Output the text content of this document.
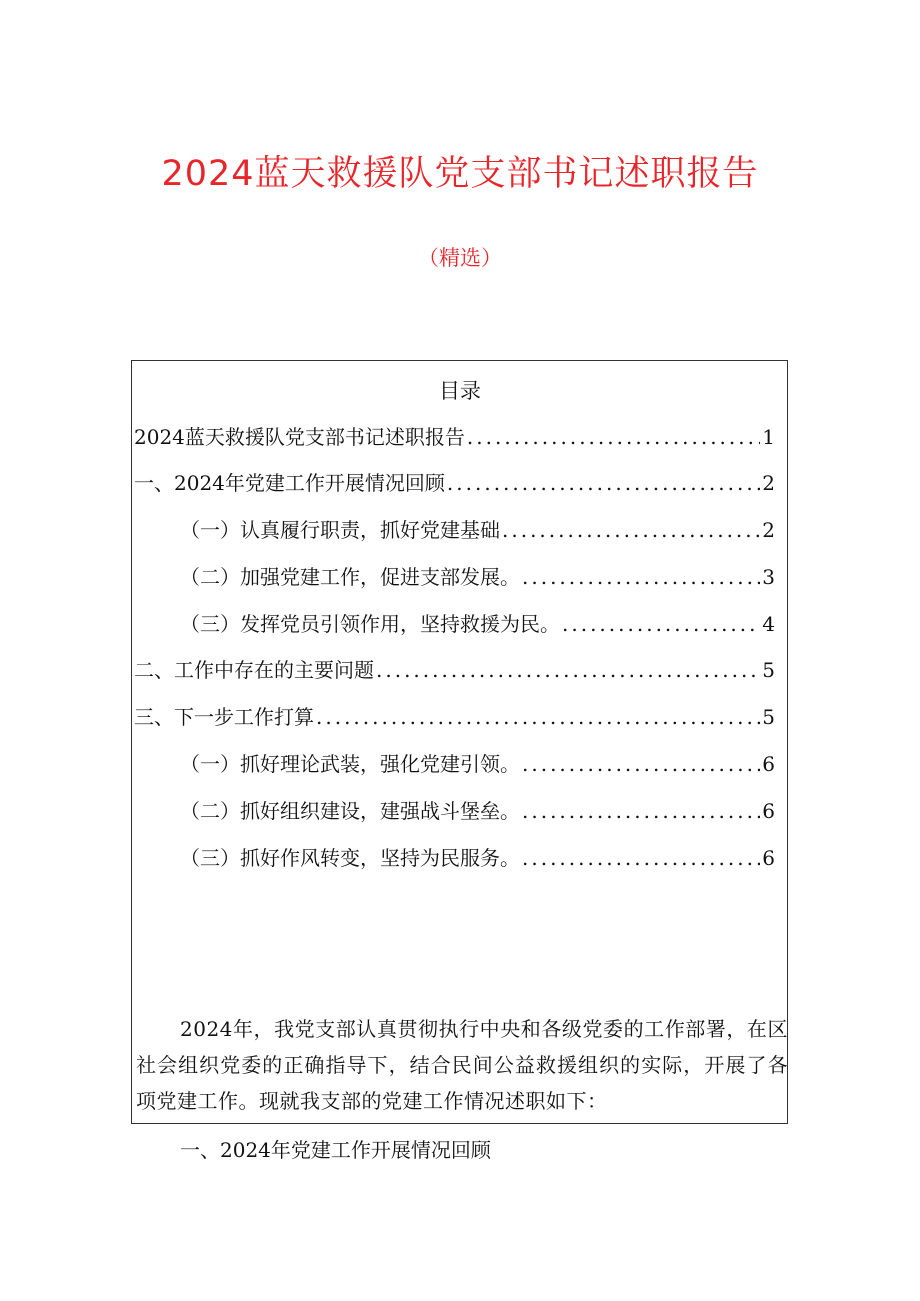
2024蓝天救援队党支部书记述职报告
（精选）
目录
2024蓝天救援队党支部书记述职报告 .....	1
一、2024年党建工作开展情况回顾 .....	2
（一）认真履行职责，抓好党建基础 .....	2
（二）加强党建工作，促进支部发展。 .....	3
（三）发挥党员引领作用，坚持救援为民。 .....	4
二、工作中存在的主要问题 .....	5
三、下一步工作打算 .....	5
（一）抓好理论武装，强化党建引领。 .....	6
（二）抓好组织建设，建强战斗堡垒。 .....	6
（三）抓好作风转变，坚持为民服务。 .....	6

2024年，我党支部认真贯彻执行中央和各级党委的工作部署，在区社会组织党委的正确指导下，结合民间公益救援组织的实际，开展了各项党建工作。现就我支部的党建工作情况述职如下：

一、2024年党建工作开展情况回顾
